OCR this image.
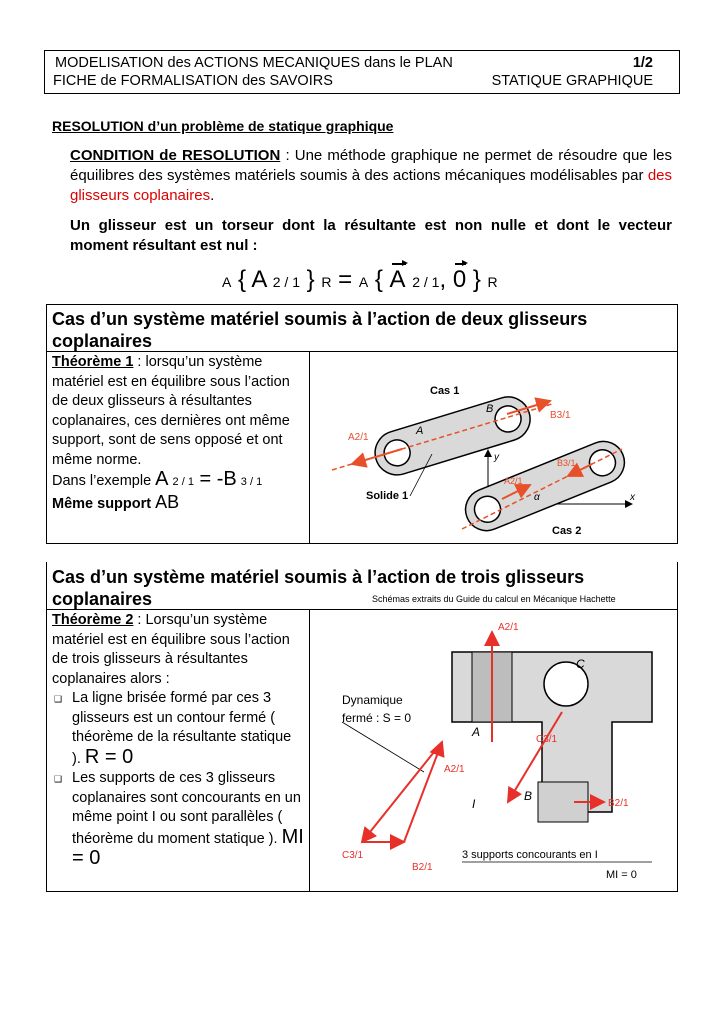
MODELISATION des ACTIONS MECANIQUES dans le PLAN	1/2
FICHE de FORMALISATION des SAVOIRS	STATIQUE GRAPHIQUE
RESOLUTION d’un problème de statique graphique
CONDITION de RESOLUTION : Une méthode graphique ne permet de résoudre que les équilibres des systèmes matériels soumis à des actions mécaniques modélisables par des glisseurs coplanaires.
Un glisseur est un torseur dont la résultante est non nulle et dont le vecteur moment résultant est nul :
A { A 2 / 1 } R = A { A 2 / 1, 0 } R
Cas d’un système matériel soumis à l’action de deux glisseurs coplanaires
Théorème 1 : lorsqu’un système matériel est en équilibre sous l’action de deux glisseurs à résultantes coplanaires, ces dernières ont même support, sont de sens opposé et ont même norme.
Dans l’exemple A 2 / 1 = -B 3 / 1
Même support AB
Cas 1
A2/1
B3/1
A
B
y
x
Solide 1
A2/1
B3/1
α
Cas 2
Cas d’un système matériel soumis à l’action de trois glisseurs coplanaires	Schémas extraits du Guide du calcul en Mécanique Hachette
Théorème 2 : Lorsqu’un système matériel est en équilibre sous l’action de trois glisseurs à résultantes coplanaires alors :
❑ La ligne brisée formé par ces 3 glisseurs est un contour fermé ( théorème de la résultante statique ). R = 0
❑ Les supports de ces 3 glisseurs coplanaires sont concourants en un même point I ou sont parallèles ( théorème du moment statique ). MI = 0
A2/1
C3/1
B2/1
C
A
B
I
Dynamique
fermé : S = 0
A2/1
C3/1
B2/1
3 supports concourants en I
MI = 0
